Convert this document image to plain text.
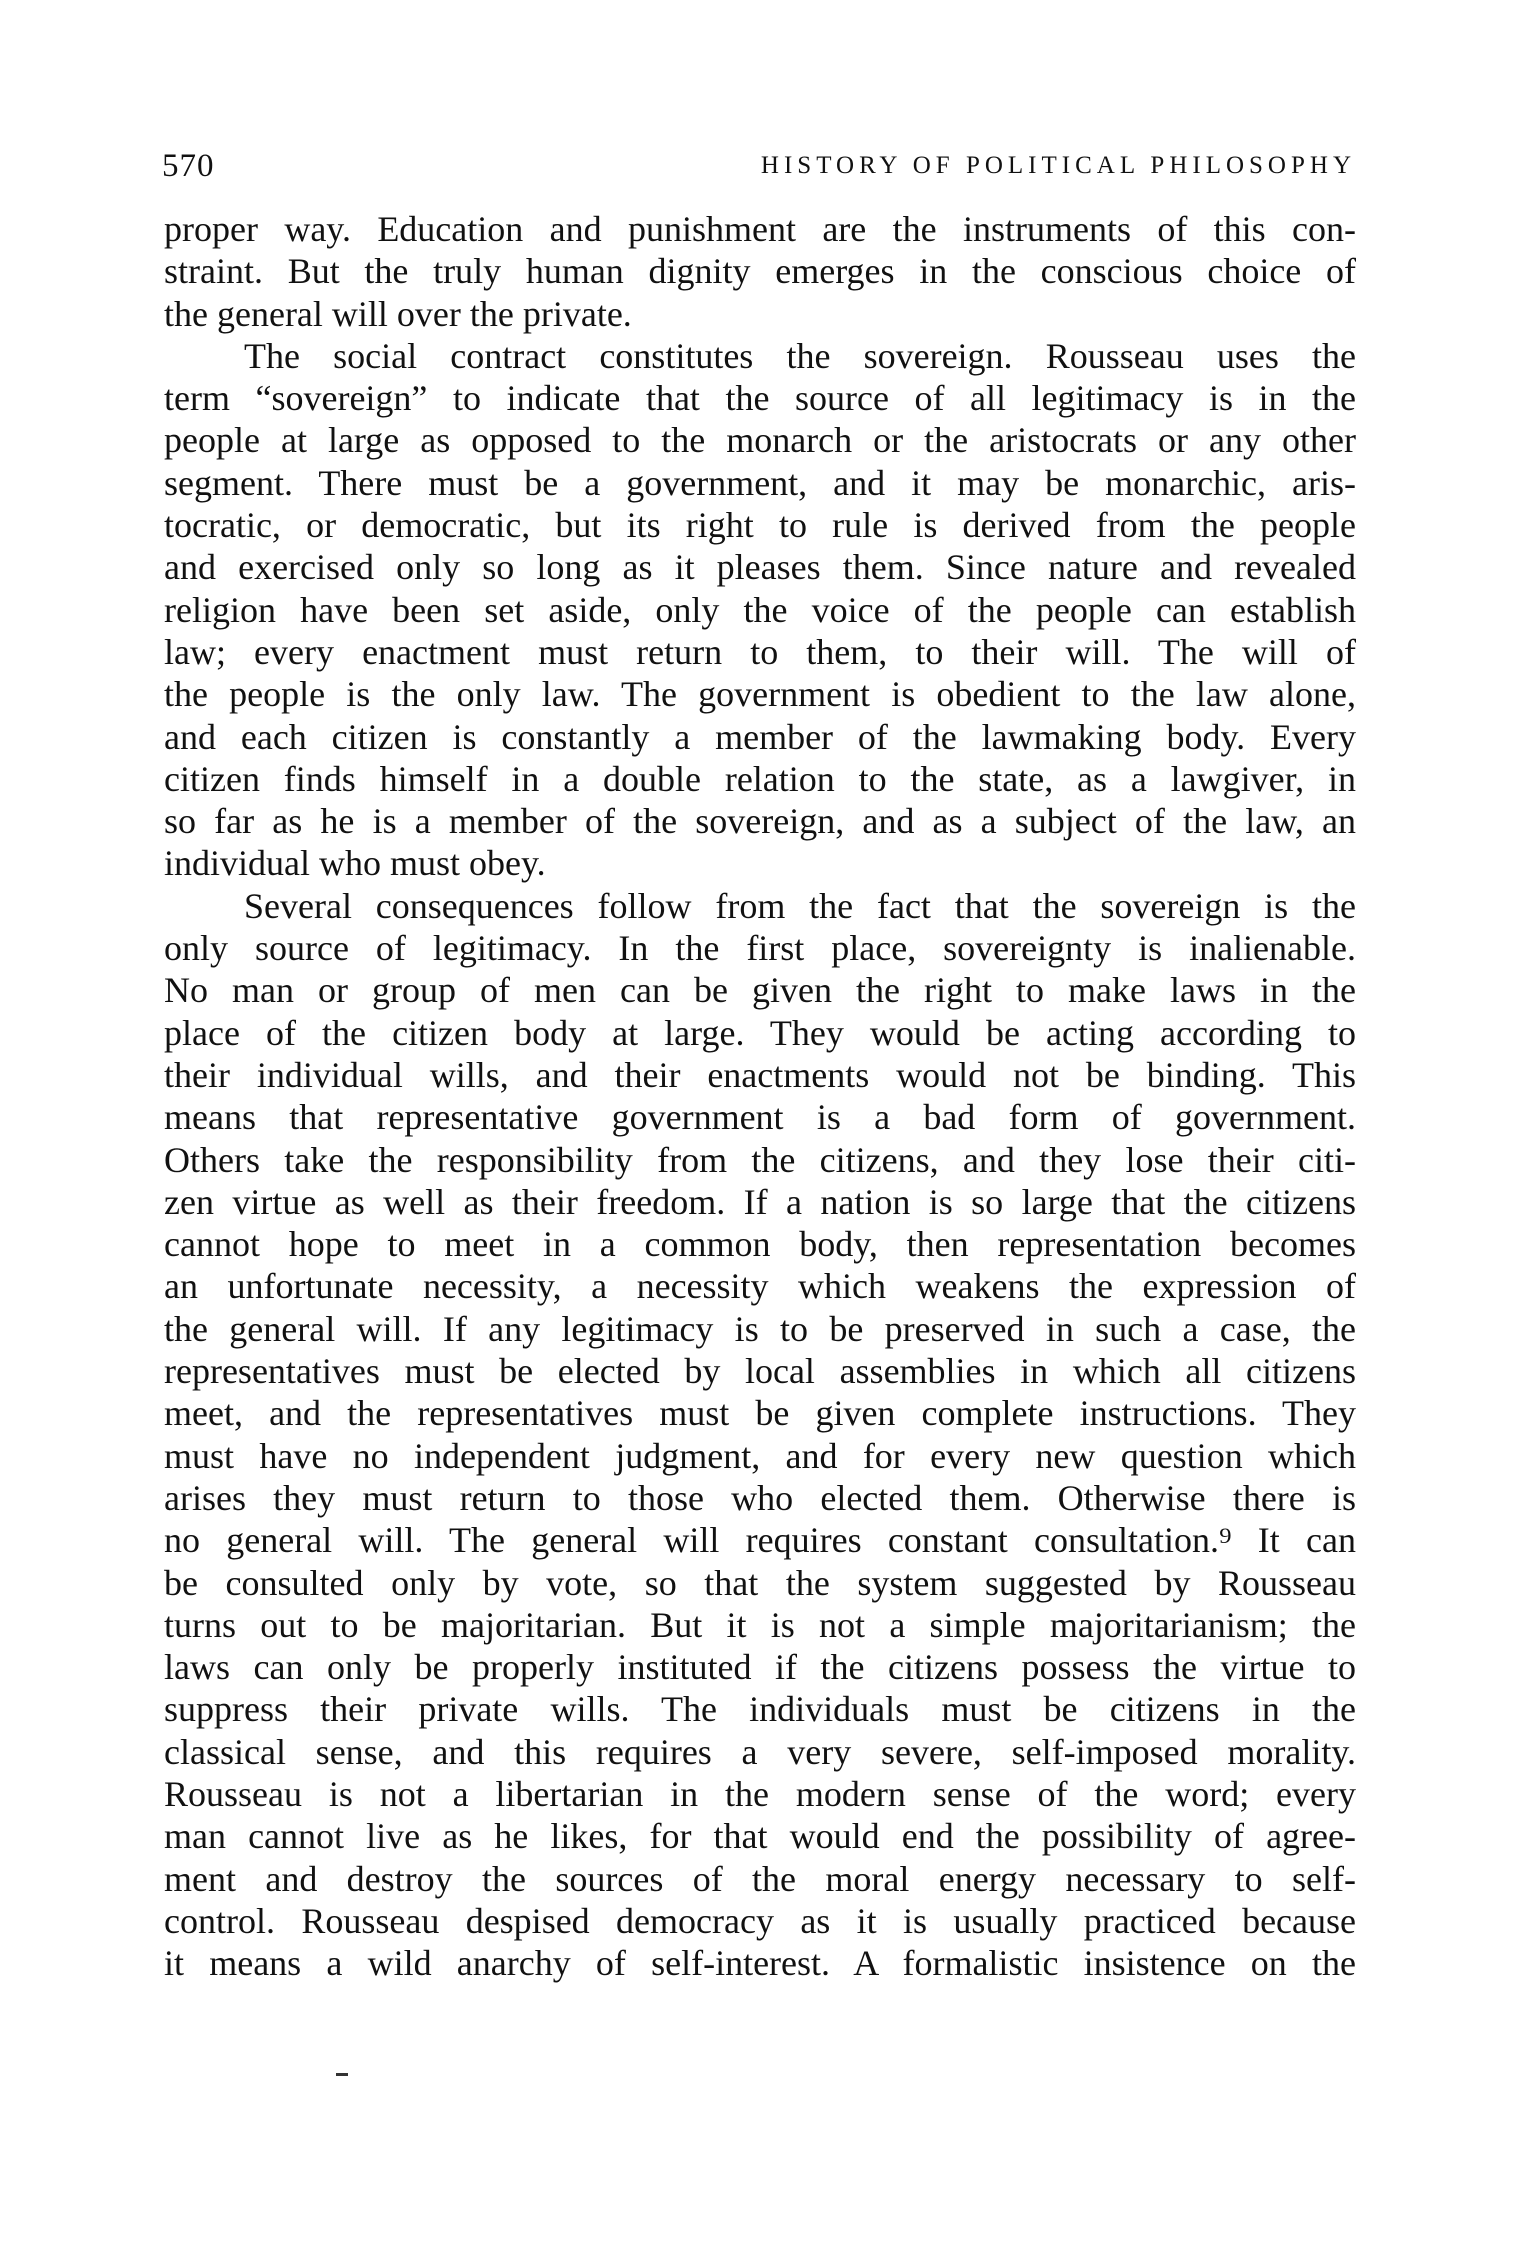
570	HISTORY OF POLITICAL PHILOSOPHY
proper way. Education and punishment are the instruments of this con-
straint. But the truly human dignity emerges in the conscious choice of
the general will over the private.
The social contract constitutes the sovereign. Rousseau uses the
term “sovereign” to indicate that the source of all legitimacy is in the
people at large as opposed to the monarch or the aristocrats or any other
segment. There must be a government, and it may be monarchic, aris-
tocratic, or democratic, but its right to rule is derived from the people
and exercised only so long as it pleases them. Since nature and revealed
religion have been set aside, only the voice of the people can establish
law; every enactment must return to them, to their will. The will of
the people is the only law. The government is obedient to the law alone,
and each citizen is constantly a member of the lawmaking body. Every
citizen finds himself in a double relation to the state, as a lawgiver, in
so far as he is a member of the sovereign, and as a subject of the law, an
individual who must obey.
Several consequences follow from the fact that the sovereign is the
only source of legitimacy. In the first place, sovereignty is inalienable.
No man or group of men can be given the right to make laws in the
place of the citizen body at large. They would be acting according to
their individual wills, and their enactments would not be binding. This
means that representative government is a bad form of government.
Others take the responsibility from the citizens, and they lose their citi-
zen virtue as well as their freedom. If a nation is so large that the citizens
cannot hope to meet in a common body, then representation becomes
an unfortunate necessity, a necessity which weakens the expression of
the general will. If any legitimacy is to be preserved in such a case, the
representatives must be elected by local assemblies in which all citizens
meet, and the representatives must be given complete instructions. They
must have no independent judgment, and for every new question which
arises they must return to those who elected them. Otherwise there is
no general will. The general will requires constant consultation.⁹ It can
be consulted only by vote, so that the system suggested by Rousseau
turns out to be majoritarian. But it is not a simple majoritarianism; the
laws can only be properly instituted if the citizens possess the virtue to
suppress their private wills. The individuals must be citizens in the
classical sense, and this requires a very severe, self-imposed morality.
Rousseau is not a libertarian in the modern sense of the word; every
man cannot live as he likes, for that would end the possibility of agree-
ment and destroy the sources of the moral energy necessary to self-
control. Rousseau despised democracy as it is usually practiced because
it means a wild anarchy of self-interest. A formalistic insistence on the
